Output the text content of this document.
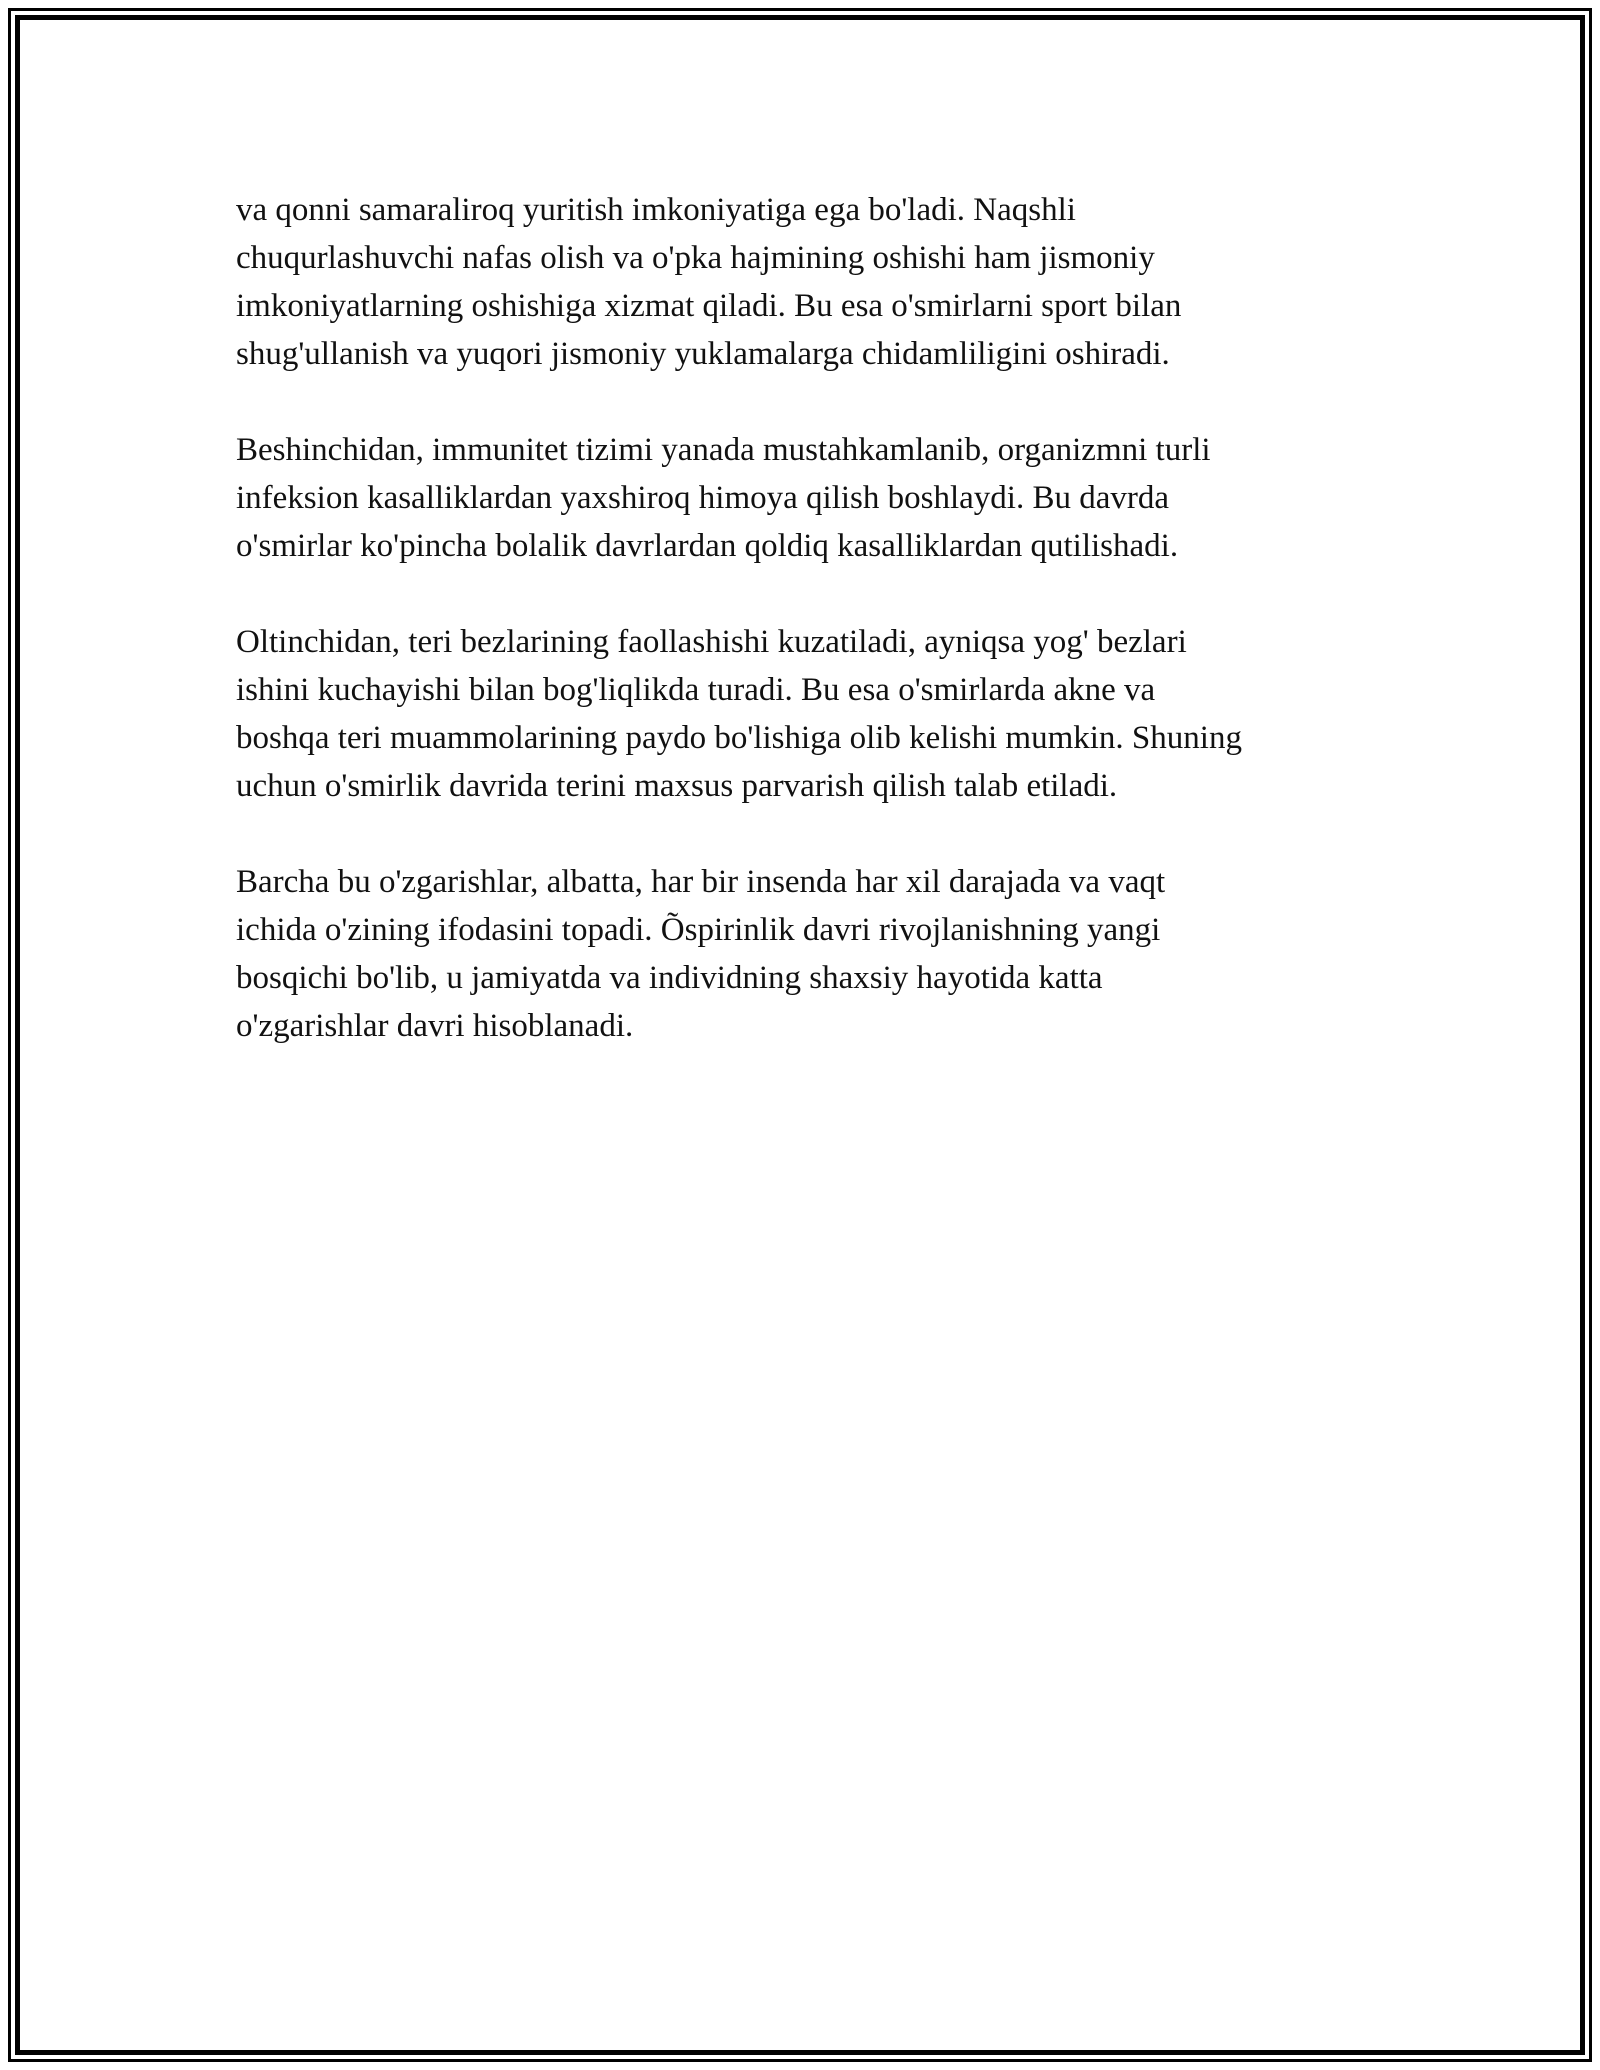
va qonni samaraliroq yuritish imkoniyatiga ega bo'ladi. Naqshli
chuqurlashuvchi nafas olish va o'pka hajmining oshishi ham jismoniy
imkoniyatlarning oshishiga xizmat qiladi. Bu esa o'smirlarni sport bilan
shug'ullanish va yuqori jismoniy yuklamalarga chidamliligini oshiradi.

Beshinchidan, immunitet tizimi yanada mustahkamlanib, organizmni turli
infeksion kasalliklardan yaxshiroq himoya qilish boshlaydi. Bu davrda
o'smirlar ko'pincha bolalik davrlardan qoldiq kasalliklardan qutilishadi.

Oltinchidan, teri bezlarining faollashishi kuzatiladi, ayniqsa yog' bezlari
ishini kuchayishi bilan bog'liqlikda turadi. Bu esa o'smirlarda akne va
boshqa teri muammolarining paydo bo'lishiga olib kelishi mumkin. Shuning
uchun o'smirlik davrida terini maxsus parvarish qilish talab etiladi.

Barcha bu o'zgarishlar, albatta, har bir insenda har xil darajada va vaqt
ichida o'zining ifodasini topadi. Õspirinlik davri rivojlanishning yangi
bosqichi bo'lib, u jamiyatda va individning shaxsiy hayotida katta
o'zgarishlar davri hisoblanadi.
